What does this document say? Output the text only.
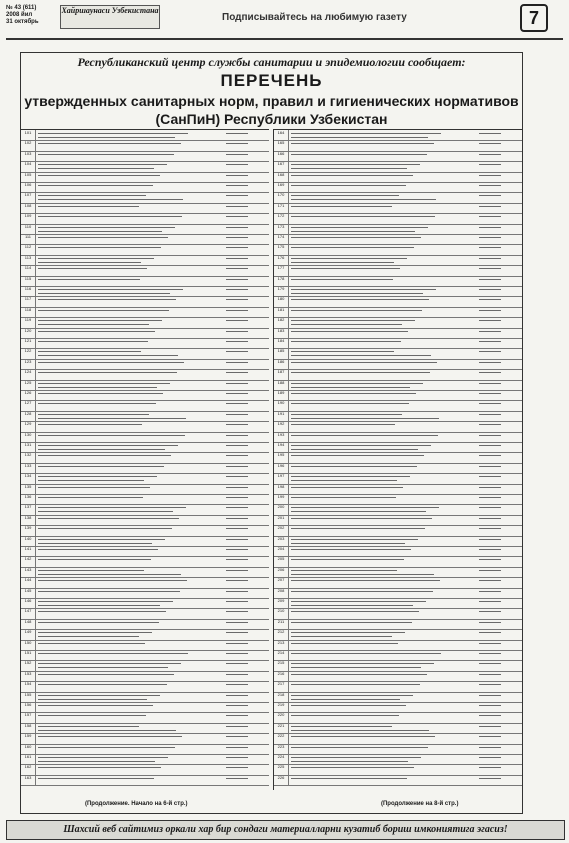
№ 43 (611)
2008 йил
31 октябрь
Хайршаунаси Узбекистана
Подписывайтесь на любимую газету	7
Республиканский центр службы санитарии и эпидемиологии сообщает:
ПЕРЕЧЕНЬ
утвержденных санитарных норм, правил и гигиенических нормативов
(СанПиН) Республики Узбекистан
101
102
103
104
105
106
107
108
109
110
111
112
113
114
115
116
117
118
119
120
121
122
123
124
125
126
127
128
129
130
131
132
133
134
135
136
137
138
139
140
141
142
143
144
145
146
147
148
149
150
151
152
153
154
155
156
157
158
159
160
161
162
163
164
165
166
167
168
169
170
171
172
173
174
175
176
177
178
179
180
181
182
183
184
185
186
187
188
189
190
191
192
193
194
195
196
197
198
199
200
201
202
203
204
205
206
207
208
209
210
211
212
213
214
215
216
217
218
219
220
221
222
223
224
225
226
(Продолжение. Начало на 6-й стр.)	(Продолжение на 8-й стр.)
Шахсий веб сайтимиз оркали хар бир сондаги материалларни кузатиб бориш имкониятига эгасиз!
